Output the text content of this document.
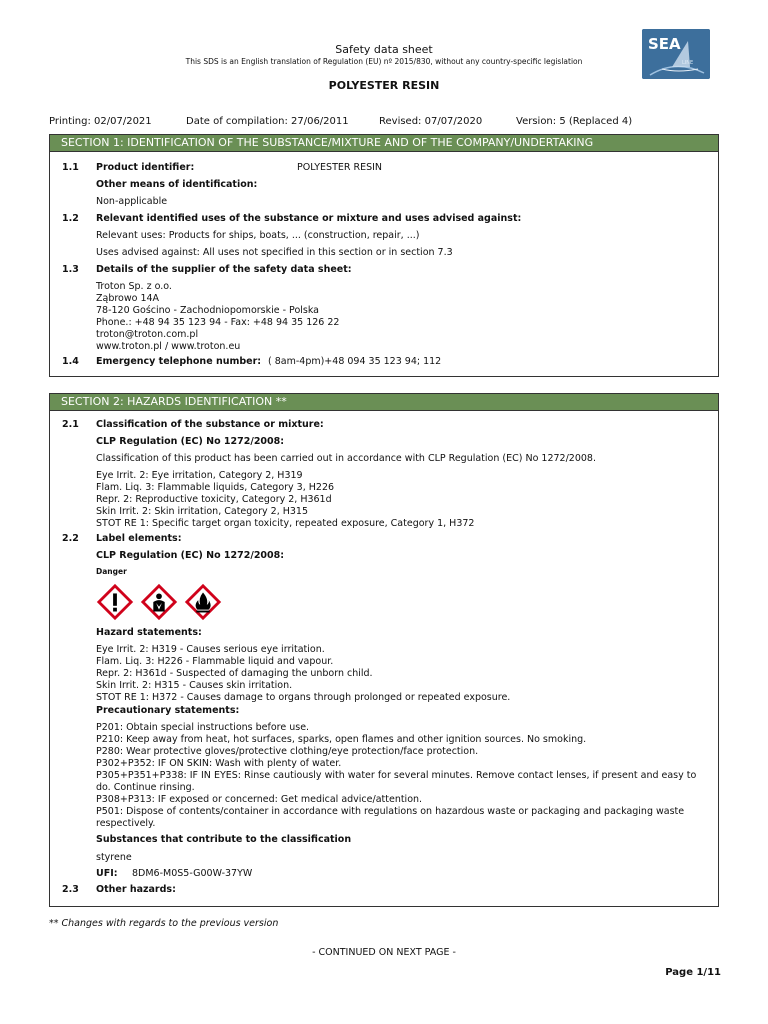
Safety data sheet
This SDS is an English translation of Regulation (EU) nº 2015/830, without any country-specific legislation
POLYESTER RESIN
SEA
LINE
Printing: 02/07/2021	Date of compilation: 27/06/2011	Revised: 07/07/2020	Version: 5 (Replaced 4)
SECTION 1: IDENTIFICATION OF THE SUBSTANCE/MIXTURE AND OF THE COMPANY/UNDERTAKING
1.1 Product identifier:	POLYESTER RESIN
Other means of identification:
Non-applicable
1.2 Relevant identified uses of the substance or mixture and uses advised against:
Relevant uses: Products for ships, boats, ... (construction, repair, ...)
Uses advised against: All uses not specified in this section or in section 7.3
1.3 Details of the supplier of the safety data sheet:
Troton Sp. z o.o.
Ząbrowo 14A
78-120 Gościno - Zachodniopomorskie - Polska
Phone.: +48 94 35 123 94 - Fax: +48 94 35 126 22
troton@troton.com.pl
www.troton.pl / www.troton.eu
1.4 Emergency telephone number: ( 8am-4pm)+48 094 35 123 94; 112
SECTION 2: HAZARDS IDENTIFICATION **
2.1 Classification of the substance or mixture:
CLP Regulation (EC) No 1272/2008:
Classification of this product has been carried out in accordance with CLP Regulation (EC) No 1272/2008.
Eye Irrit. 2: Eye irritation, Category 2, H319
Flam. Liq. 3: Flammable liquids, Category 3, H226
Repr. 2: Reproductive toxicity, Category 2, H361d
Skin Irrit. 2: Skin irritation, Category 2, H315
STOT RE 1: Specific target organ toxicity, repeated exposure, Category 1, H372
2.2 Label elements:
CLP Regulation (EC) No 1272/2008:
Danger
Hazard statements:
Eye Irrit. 2: H319 - Causes serious eye irritation.
Flam. Liq. 3: H226 - Flammable liquid and vapour.
Repr. 2: H361d - Suspected of damaging the unborn child.
Skin Irrit. 2: H315 - Causes skin irritation.
STOT RE 1: H372 - Causes damage to organs through prolonged or repeated exposure.
Precautionary statements:
P201: Obtain special instructions before use.
P210: Keep away from heat, hot surfaces, sparks, open flames and other ignition sources. No smoking.
P280: Wear protective gloves/protective clothing/eye protection/face protection.
P302+P352: IF ON SKIN: Wash with plenty of water.
P305+P351+P338: IF IN EYES: Rinse cautiously with water for several minutes. Remove contact lenses, if present and easy to
do. Continue rinsing.
P308+P313: IF exposed or concerned: Get medical advice/attention.
P501: Dispose of contents/container in accordance with regulations on hazardous waste or packaging and packaging waste
respectively.
Substances that contribute to the classification
styrene
UFI: 8DM6-M0S5-G00W-37YW
2.3 Other hazards:
** Changes with regards to the previous version
- CONTINUED ON NEXT PAGE -
Page 1/11
